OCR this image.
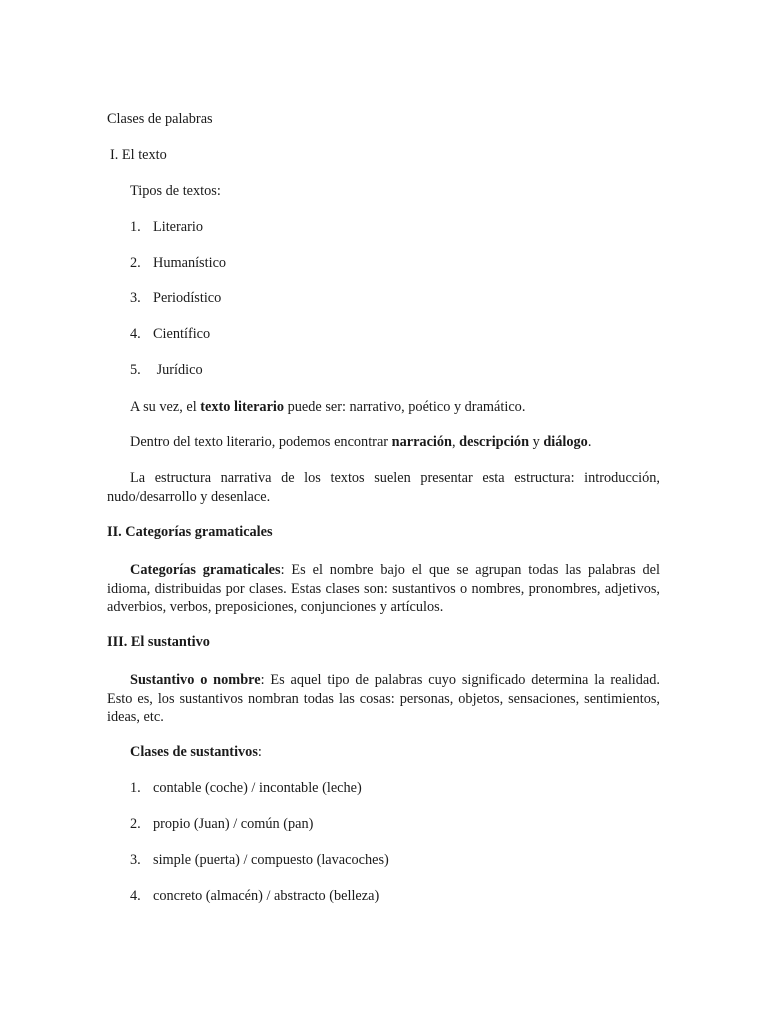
Clases de palabras
I. El texto
Tipos de textos:
1. Literario
2. Humanístico
3. Periodístico
4. Científico
5. Jurídico
A su vez, el texto literario puede ser: narrativo, poético y dramático.
Dentro del texto literario, podemos encontrar narración, descripción y diálogo.
La estructura narrativa de los textos suelen presentar esta estructura: introducción, nudo/desarrollo y desenlace.
II. Categorías gramaticales
Categorías gramaticales: Es el nombre bajo el que se agrupan todas las palabras del idioma, distribuidas por clases. Estas clases son: sustantivos o nombres, pronombres, adjetivos, adverbios, verbos, preposiciones, conjunciones y artículos.
III. El sustantivo
Sustantivo o nombre: Es aquel tipo de palabras cuyo significado determina la realidad. Esto es, los sustantivos nombran todas las cosas: personas, objetos, sensaciones, sentimientos, ideas, etc.
Clases de sustantivos:
1. contable (coche) / incontable (leche)
2. propio (Juan) / común (pan)
3. simple (puerta) / compuesto (lavacoches)
4. concreto (almacén) / abstracto (belleza)
